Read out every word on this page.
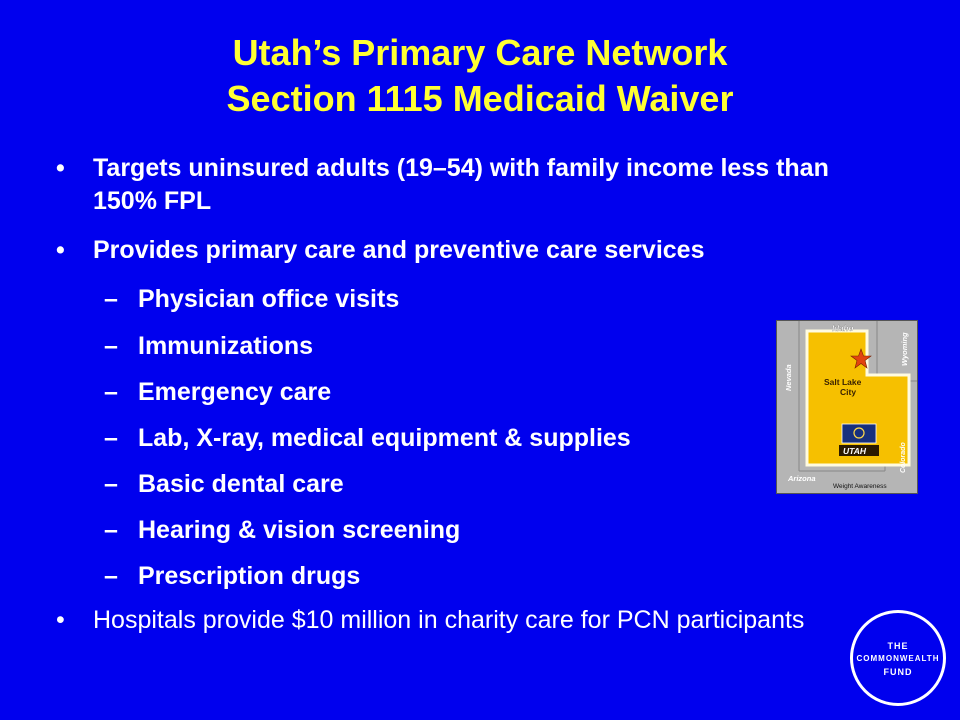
Utah’s Primary Care Network
Section 1115 Medicaid Waiver
• Targets uninsured adults (19–54) with family income less than 150% FPL
• Provides primary care and preventive care services
– Physician office visits
– Immunizations
– Emergency care
– Lab, X-ray, medical equipment & supplies
– Basic dental care
– Hearing & vision screening
– Prescription drugs
• Hospitals provide $10 million in charity care for PCN participants
Idaho
Wyoming
Nevada	Salt Lake
City
Colorado
UTAH
Arizona
Weight Awareness
THE
COMMONWEALTH
FUND
